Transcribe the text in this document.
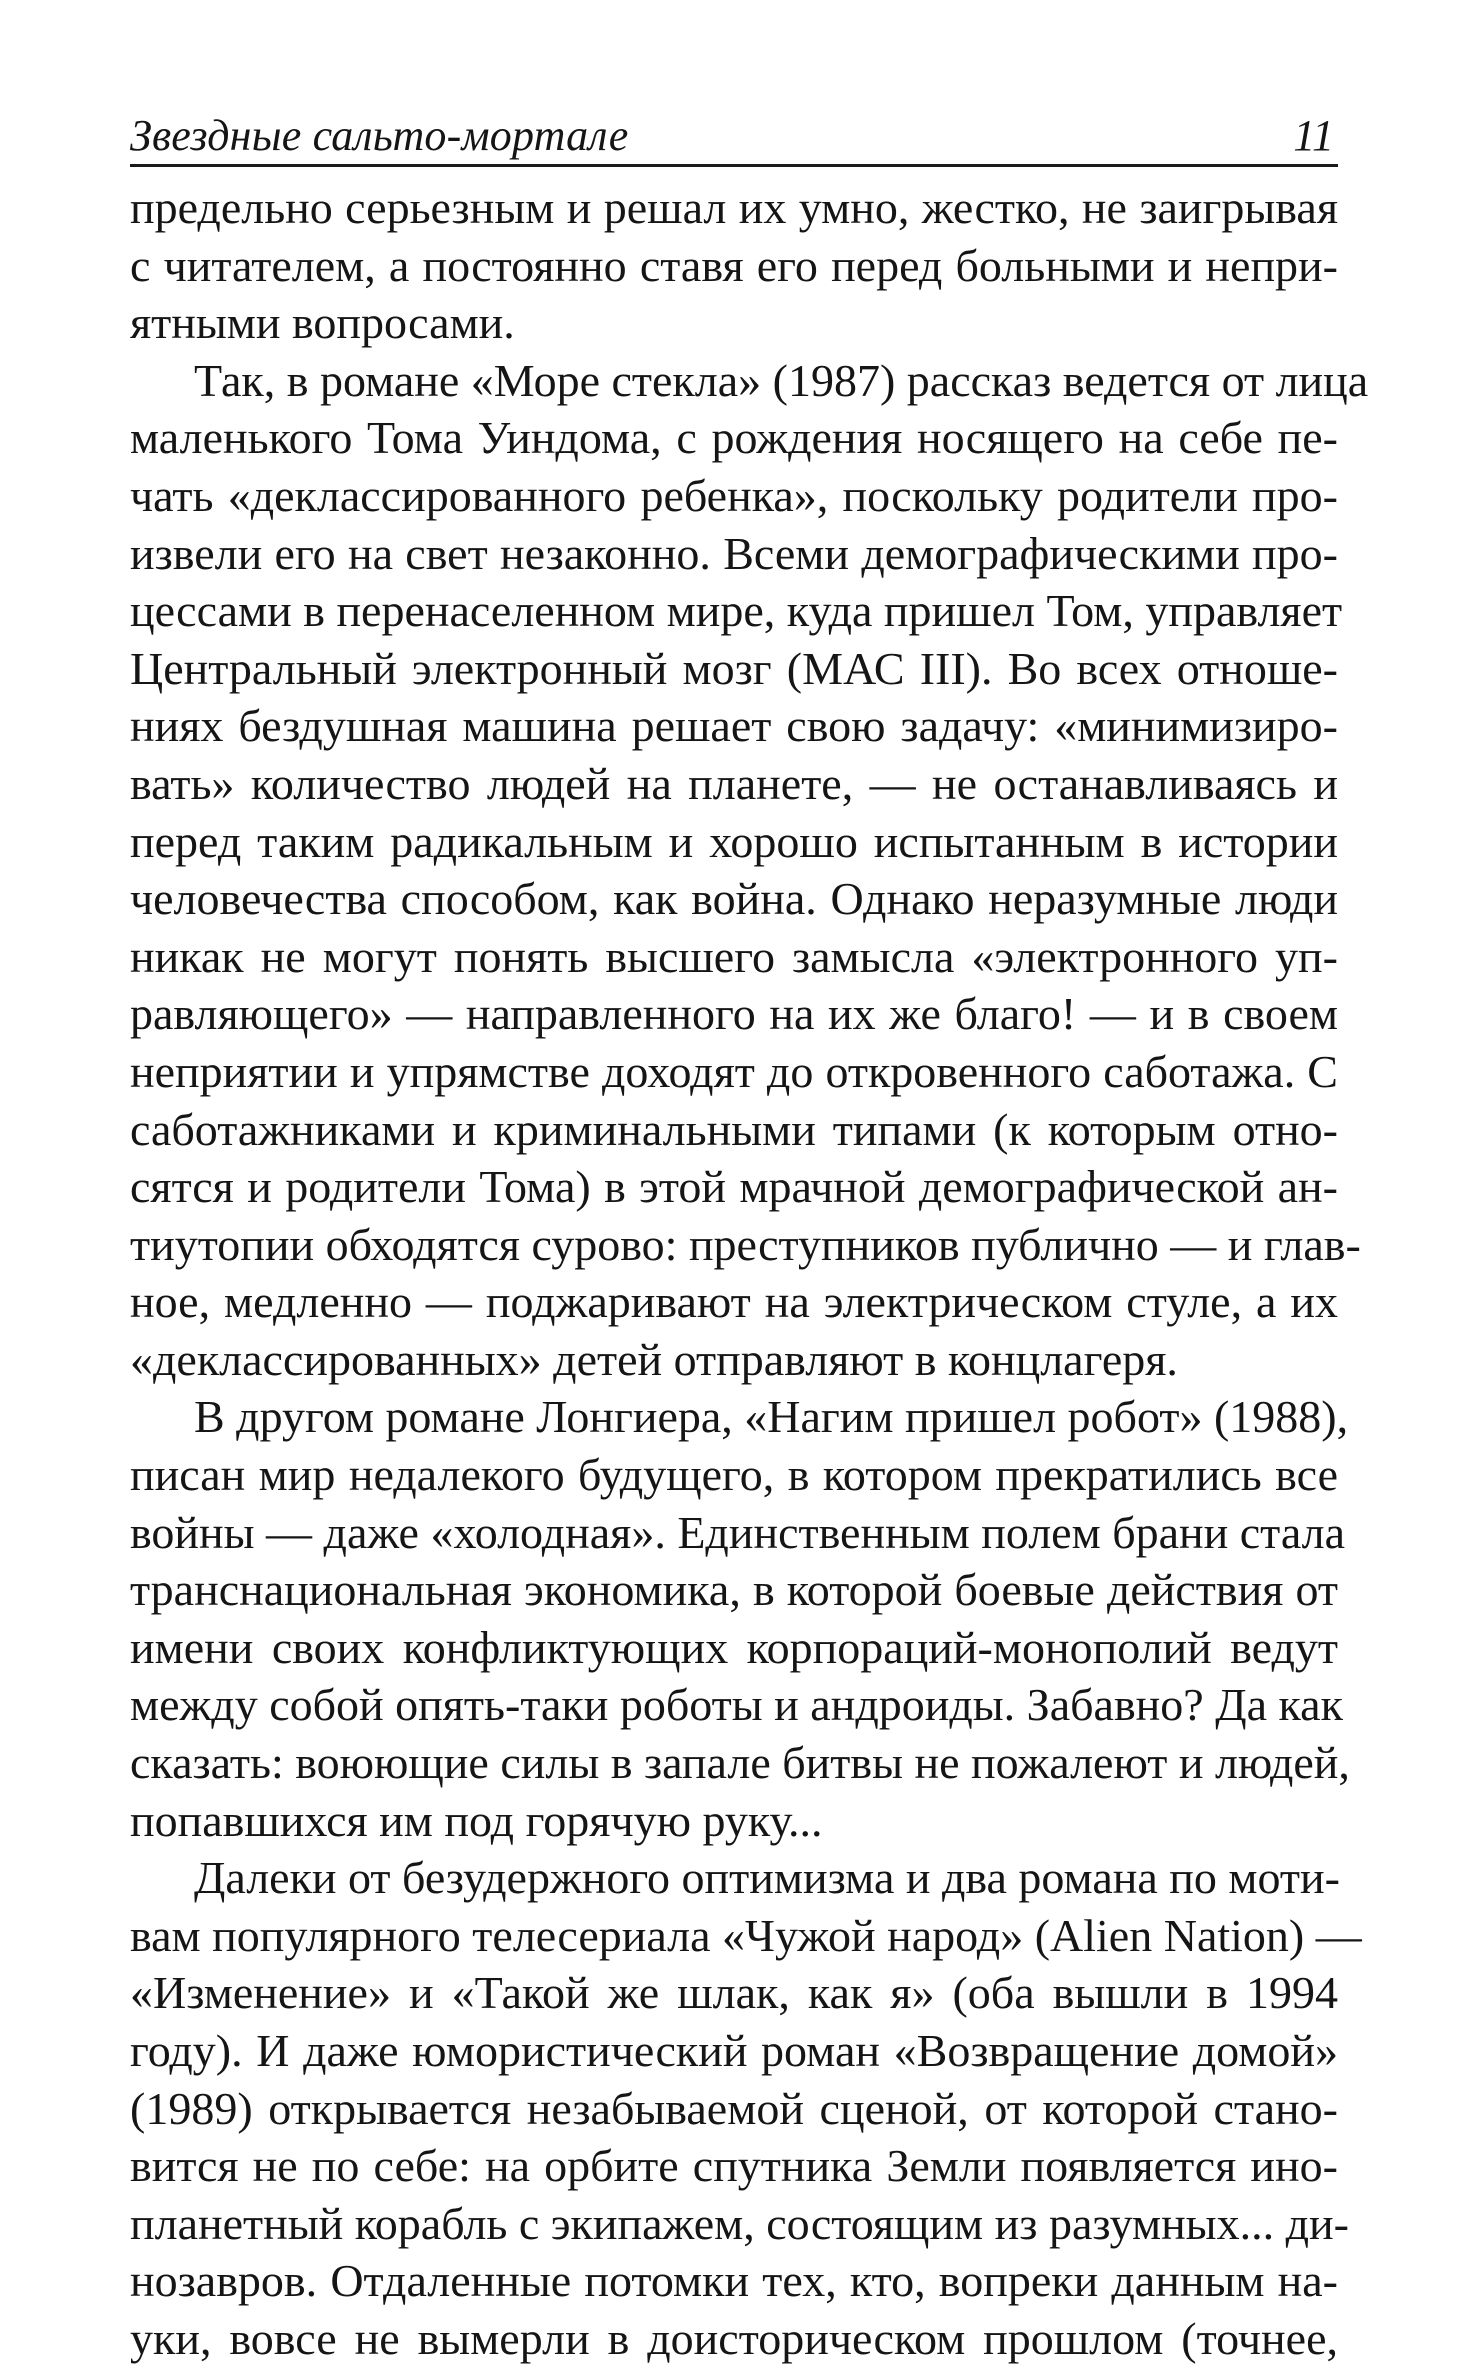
Звездные сальто-мортале	11

предельно серьезным и решал их умно, жестко, не заигрывая
с читателем, а постоянно ставя его перед больными и непри-
ятными вопросами.

Так, в романе «Море стекла» (1987) рассказ ведется от лица
маленького Тома Уиндома, с рождения носящего на себе пе-
чать «деклассированного ребенка», поскольку родители про-
извели его на свет незаконно. Всеми демографическими про-
цессами в перенаселенном мире, куда пришел Том, управляет
Центральный электронный мозг (МАС III). Во всех отноше-
ниях бездушная машина решает свою задачу: «минимизиро-
вать» количество людей на планете, — не останавливаясь и
перед таким радикальным и хорошо испытанным в истории
человечества способом, как война. Однако неразумные люди
никак не могут понять высшего замысла «электронного уп-
равляющего» — направленного на их же благо! — и в своем
неприятии и упрямстве доходят до откровенного саботажа. С
саботажниками и криминальными типами (к которым отно-
сятся и родители Тома) в этой мрачной демографической ан-
тиутопии обходятся сурово: преступников публично — и глав-
ное, медленно — поджаривают на электрическом стуле, а их
«деклассированных» детей отправляют в концлагеря.

В другом романе Лонгиера, «Нагим пришел робот» (1988),
писан мир недалекого будущего, в котором прекратились все
войны — даже «холодная». Единственным полем брани стала
транснациональная экономика, в которой боевые действия от
имени своих конфликтующих корпораций-монополий ведут
между собой опять-таки роботы и андроиды. Забавно? Да как
сказать: воюющие силы в запале битвы не пожалеют и людей,
попавшихся им под горячую руку...

Далеки от безудержного оптимизма и два романа по моти-
вам популярного телесериала «Чужой народ» (Alien Nation) —
«Изменение» и «Такой же шлак, как я» (оба вышли в 1994
году). И даже юмористический роман «Возвращение домой»
(1989) открывается незабываемой сценой, от которой стано-
вится не по себе: на орбите спутника Земли появляется ино-
планетный корабль с экипажем, состоящим из разумных... ди-
нозавров. Отдаленные потомки тех, кто, вопреки данным на-
уки, вовсе не вымерли в доисторическом прошлом (точнее,
